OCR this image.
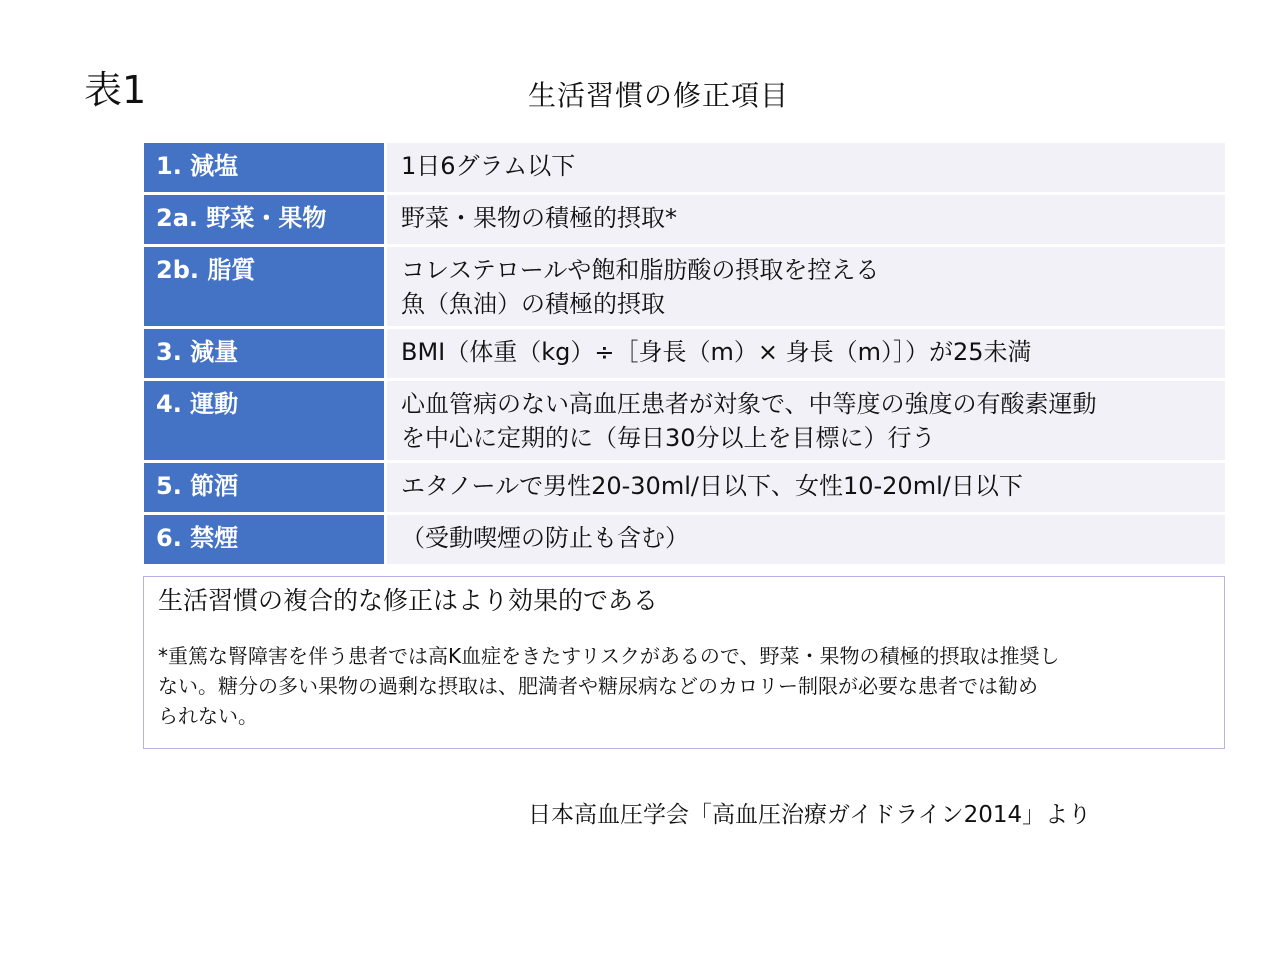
表1	生活習慣の修正項目
1. 減塩	1日6グラム以下
2a. 野菜・果物	野菜・果物の積極的摂取*
2b. 脂質	コレステロールや飽和脂肪酸の摂取を控える
魚（魚油）の積極的摂取
3. 減量	BMI（体重（kg）÷［身長（m）× 身長（m）］）が25未満
4. 運動	心血管病のない高血圧患者が対象で、中等度の強度の有酸素運動
を中心に定期的に（毎日30分以上を目標に）行う
5. 節酒	エタノールで男性20-30ml/日以下、女性10-20ml/日以下
6. 禁煙	（受動喫煙の防止も含む）
生活習慣の複合的な修正はより効果的である
*重篤な腎障害を伴う患者では高K血症をきたすリスクがあるので、野菜・果物の積極的摂取は推奨し
ない。糖分の多い果物の過剰な摂取は、肥満者や糖尿病などのカロリー制限が必要な患者では勧め
られない。
日本高血圧学会「高血圧治療ガイドライン2014」より
